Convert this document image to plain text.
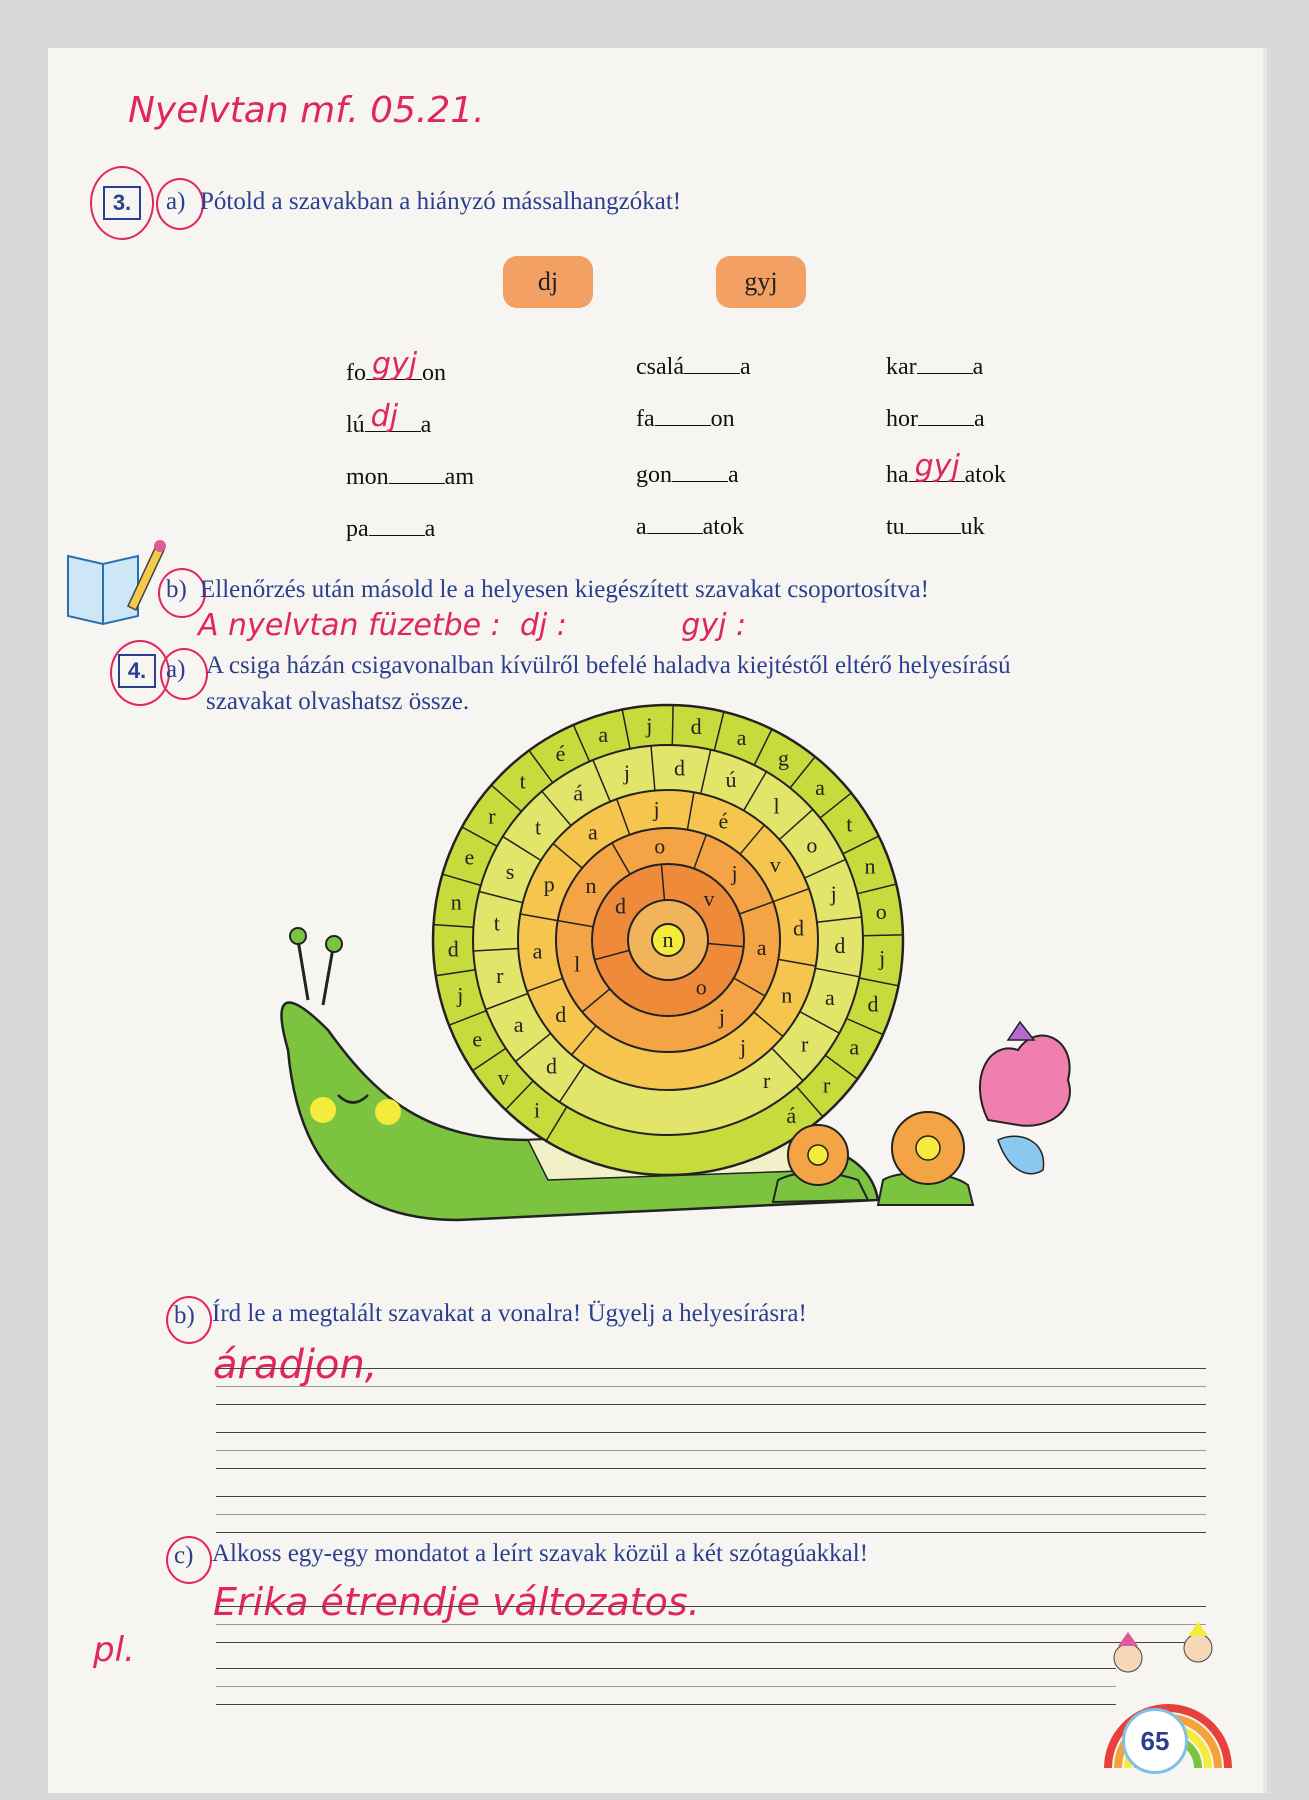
Nyelvtan mf. 05.21.
3.	a) Pótold a szavakban a hiányzó mássalhangzókat!
dj	gyj
fo gyj on	csalá a	kar a
lú dj a	fa on	hor a
mon am	gon a	ha gyj atok
pa a	a atok	tu uk
b) Ellenőrzés után másold le a helyesen kiegészített szavakat csoportosítva!
A nyelvtan füzetbe :  dj :            gyj :
4. a) A csiga házán csigavonalban kívülről befelé haladva kiejtéstől eltérő helyesírású
szavakat olvashatsz össze.
á
r
a
d
j
o
n
t
a
g
a
d
j
a
é
t
r
e
n
d
j
e
v
i
r
r
a
d
j
o
l
ú
d
j
á
t
s
t
r
a
d
j
n
d
v
é
j
a
p
a
d	j
a
j
o
n
l
o
v
d
n
b) Írd le a megtalált szavakat a vonalra! Ügyelj a helyesírásra!
áradjon,
c) Alkoss egy-egy mondatot a leírt szavak közül a két szótagúakkal!
Erika étrendje változatos.
pl.
65
